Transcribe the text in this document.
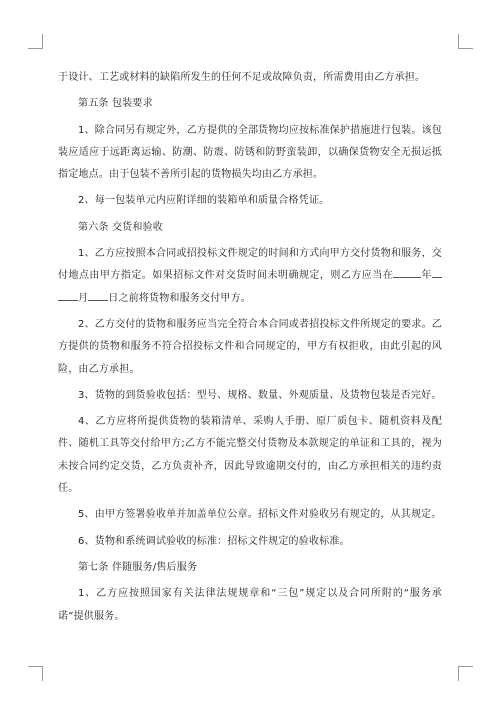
于设计、工艺或材料的缺陷所发生的任何不足或故障负责，所需费用由乙方承担。

第五条 包装要求

1、除合同另有规定外，乙方提供的全部货物均应按标准保护措施进行包装。该包装应适应于远距离运输、防潮、防震、防锈和防野蛮装卸，以确保货物安全无损运抵指定地点。由于包装不善所引起的货物损失均由乙方承担。

2、每一包装单元内应附详细的装箱单和质量合格凭证。

第六条 交货和验收

1、乙方应按照本合同或招投标文件规定的时间和方式向甲方交付货物和服务，交付地点由甲方指定。如果招标文件对交货时间未明确规定，则乙方应当在	年月 日之前将货物和服务交付甲方。

2、乙方交付的货物和服务应当完全符合本合同或者招投标文件所规定的要求。乙方提供的货物和服务不符合招投标文件和合同规定的，甲方有权拒收，由此引起的风险，由乙方承担。

3、货物的到货验收包括：型号、规格、数量、外观质量、及货物包装是否完好。

4、乙方应将所提供货物的装箱清单、采购人手册、原厂质包卡、随机资料及配件、随机工具等交付给甲方;乙方不能完整交付货物及本款规定的单证和工具的，视为未按合同约定交货，乙方负责补齐，因此导致逾期交付的，由乙方承担相关的违约责任。

5、由甲方签署验收单并加盖单位公章。招标文件对验收另有规定的，从其规定。

6、货物和系统调试验收的标准：招标文件规定的验收标准。

第七条 伴随服务/售后服务

1、乙方应按照国家有关法律法规规章和“三包”规定以及合同所附的“服务承诺”提供服务。
